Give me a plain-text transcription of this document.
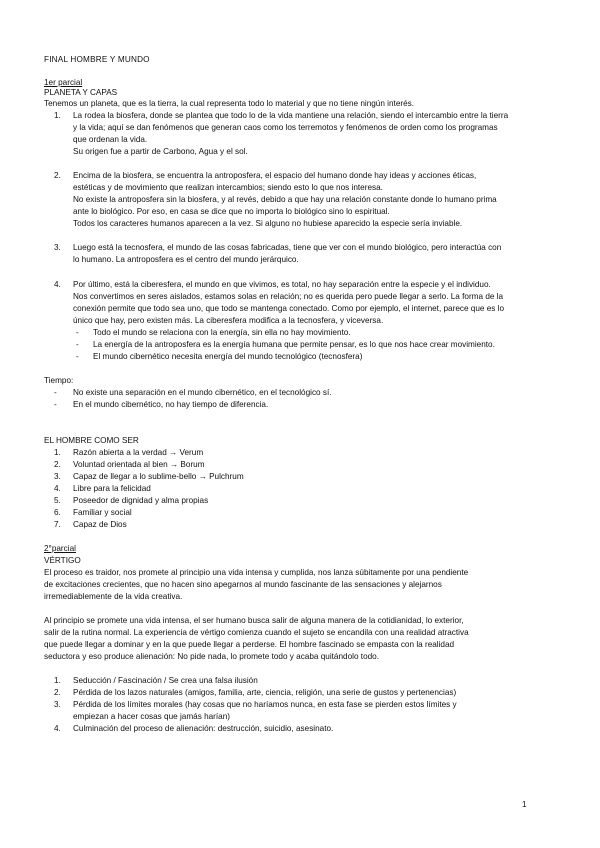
FINAL HOMBRE Y MUNDO
1er parcial
PLANETA Y CAPAS
Tenemos un planeta, que es la tierra, la cual representa todo lo material y que no tiene ningún interés.
1. La rodea la biosfera, donde se plantea que todo lo de la vida mantiene una relación, siendo el intercambio entre la tierra
y la vida; aquí se dan fenómenos que generan caos como los terremotos y fenómenos de orden como los programas
que ordenan la vida.
Su origen fue a partir de Carbono, Agua y el sol.
2. Encima de la biosfera, se encuentra la antroposfera, el espacio del humano donde hay ideas y acciones éticas,
estéticas y de movimiento que realizan intercambios; siendo esto lo que nos interesa.
No existe la antroposfera sin la biosfera, y al revés, debido a que hay una relación constante donde lo humano prima
ante lo biológico. Por eso, en casa se dice que no importa lo biológico sino lo espiritual.
Todos los caracteres humanos aparecen a la vez. Si alguno no hubiese aparecido la especie sería inviable.
3. Luego está la tecnosfera, el mundo de las cosas fabricadas, tiene que ver con el mundo biológico, pero interactúa con
lo humano. La antroposfera es el centro del mundo jerárquico.
4. Por último, está la ciberesfera, el mundo en que vivimos, es total, no hay separación entre la especie y el individuo.
Nos convertimos en seres aislados, estamos solas en relación; no es querida pero puede llegar a serlo. La forma de la
conexión permite que todo sea uno, que todo se mantenga conectado. Como por ejemplo, el internet, parece que es lo
único que hay, pero existen más. La ciberesfera modifica a la tecnosfera, y viceversa.
- Todo el mundo se relaciona con la energía, sin ella no hay movimiento.
- La energía de la antroposfera es la energía humana que permite pensar, es lo que nos hace crear movimiento.
- El mundo cibernético necesita energía del mundo tecnológico (tecnosfera)
Tiempo:
- No existe una separación en el mundo cibernético, en el tecnológico sí.
- En el mundo cibernético, no hay tiempo de diferencia.
EL HOMBRE COMO SER
1. Razón abierta a la verdad → Verum
2. Voluntad orientada al bien → Borum
3. Capaz de llegar a lo sublime-bello → Pulchrum
4. Libre para la felicidad
5. Poseedor de dignidad y alma propias
6. Familiar y social
7. Capaz de Dios
2°parcial
VÉRTIGO
El proceso es traidor, nos promete al principio una vida intensa y cumplida, nos lanza súbitamente por una pendiente
de excitaciones crecientes, que no hacen sino apegarnos al mundo fascinante de las sensaciones y alejarnos
irremediablemente de la vida creativa.
Al principio se promete una vida intensa, el ser humano busca salir de alguna manera de la cotidianidad, lo exterior,
salir de la rutina normal. La experiencia de vértigo comienza cuando el sujeto se encandila con una realidad atractiva
que puede llegar a dominar y en la que puede llegar a perderse. El hombre fascinado se empasta con la realidad
seductora y eso produce alienación: No pide nada, lo promete todo y acaba quitándolo todo.
1. Seducción / Fascinación / Se crea una falsa ilusión
2. Pérdida de los lazos naturales (amigos, familia, arte, ciencia, religión, una serie de gustos y pertenencias)
3. Pérdida de los límites morales (hay cosas que no haríamos nunca, en esta fase se pierden estos límites y
empiezan a hacer cosas que jamás harían)
4. Culminación del proceso de alienación: destrucción, suicidio, asesinato.
1
